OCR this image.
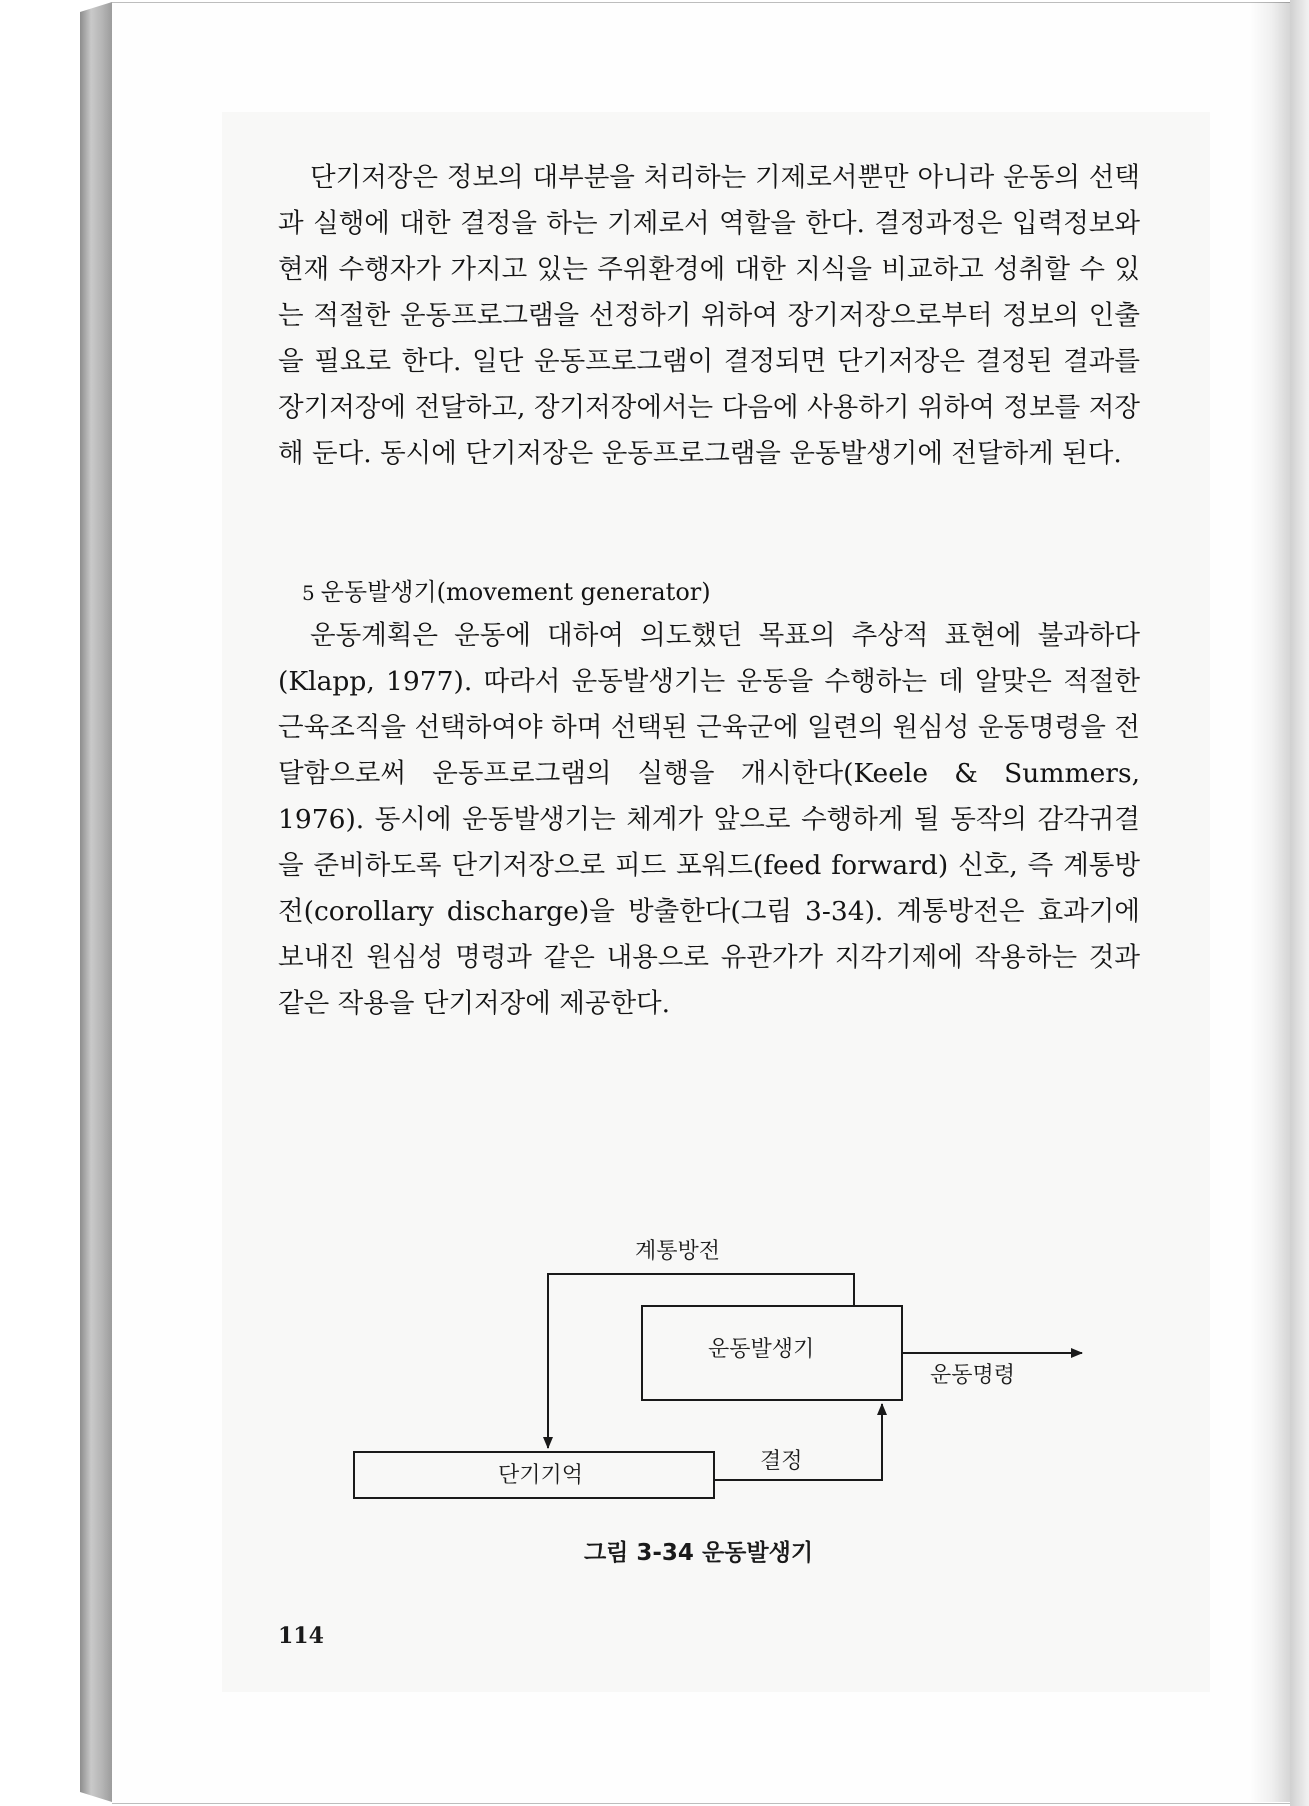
단기저장은 정보의 대부분을 처리하는 기제로서뿐만 아니라 운동의 선택과 실행에 대한 결정을 하는 기제로서 역할을 한다. 결정과정은 입력정보와 현재 수행자가 가지고 있는 주위환경에 대한 지식을 비교하고 성취할 수 있는 적절한 운동프로그램을 선정하기 위하여 장기저장으로부터 정보의 인출을 필요로 한다. 일단 운동프로그램이 결정되면 단기저장은 결정된 결과를 장기저장에 전달하고, 장기저장에서는 다음에 사용하기 위하여 정보를 저장해 둔다. 동시에 단기저장은 운동프로그램을 운동발생기에 전달하게 된다.

5 운동발생기(movement generator)

운동계획은 운동에 대하여 의도했던 목표의 추상적 표현에 불과하다(Klapp, 1977). 따라서 운동발생기는 운동을 수행하는 데 알맞은 적절한 근육조직을 선택하여야 하며 선택된 근육군에 일련의 원심성 운동명령을 전달함으로써 운동프로그램의 실행을 개시한다(Keele & Summers, 1976). 동시에 운동발생기는 체계가 앞으로 수행하게 될 동작의 감각귀결을 준비하도록 단기저장으로 피드 포워드(feed forward) 신호, 즉 계통방전(corollary discharge)을 방출한다(그림 3-34). 계통방전은 효과기에 보내진 원심성 명령과 같은 내용으로 유관가가 지각기제에 작용하는 것과 같은 작용을 단기저장에 제공한다.

계통방전
운동발생기
운동명령
결정
단기기억
그림 3-34 운동발생기
114
